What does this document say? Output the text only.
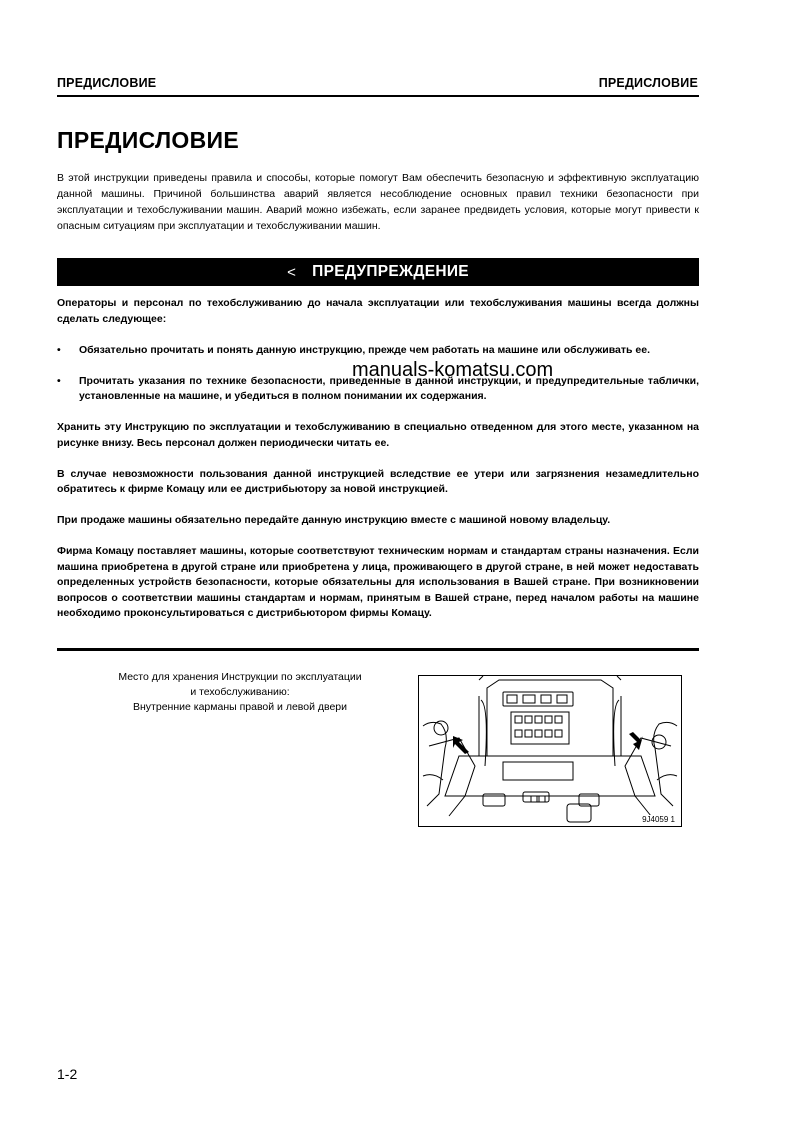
ПРЕДИСЛОВИЕ	ПРЕДИСЛОВИЕ
ПРЕДИСЛОВИЕ

В этой инструкции приведены правила и способы, которые помогут Вам обеспечить безопасную и эффективную эксплуатацию данной машины. Причиной большинства аварий является несоблюдение основных правил техники безопасности при эксплуатации и техобслуживании машин. Аварий можно избежать, если заранее предвидеть условия, которые могут привести к опасным ситуациям при эксплуатации и техобслуживании машин.

< ПРЕДУПРЕЖДЕНИЕ

Операторы и персонал по техобслуживанию до начала эксплуатации или техобслуживания машины всегда должны сделать следующее:

•	Обязательно прочитать и понять данную инструкцию, прежде чем работать на машине или обслуживать ее.

•	Прочитать указания по технике безопасности, приведенные в данной инструкции, и предупредительные таблички, установленные на машине, и убедиться в полном понимании их содержания.

Хранить эту Инструкцию по эксплуатации и техобслуживанию в специально отведенном для этого месте, указанном на рисунке внизу. Весь персонал должен периодически читать ее.

В случае невозможности пользования данной инструкцией вследствие ее утери или загрязнения незамедлительно обратитесь к фирме Комацу или ее дистрибьютору за новой инструкцией.

При продаже машины обязательно передайте данную инструкцию вместе с машиной новому владельцу.

Фирма Комацу поставляет машины, которые соответствуют техническим нормам и стандартам страны назначения. Если машина приобретена в другой стране или приобретена у лица, проживающего в другой стране, в ней может недоставать определенных устройств безопасности, которые обязательны для использования в Вашей стране. При возникновении вопросов о соответствии машины стандартам и нормам, принятым в Вашей стране, перед началом работы на машине необходимо проконсультироваться с дистрибьютором фирмы Комацу.

manuals-komatsu.com
Место для хранения Инструкции по эксплуатации
и техобслуживанию:
Внутренние карманы правой и левой двери
9J4059 1
1-2
